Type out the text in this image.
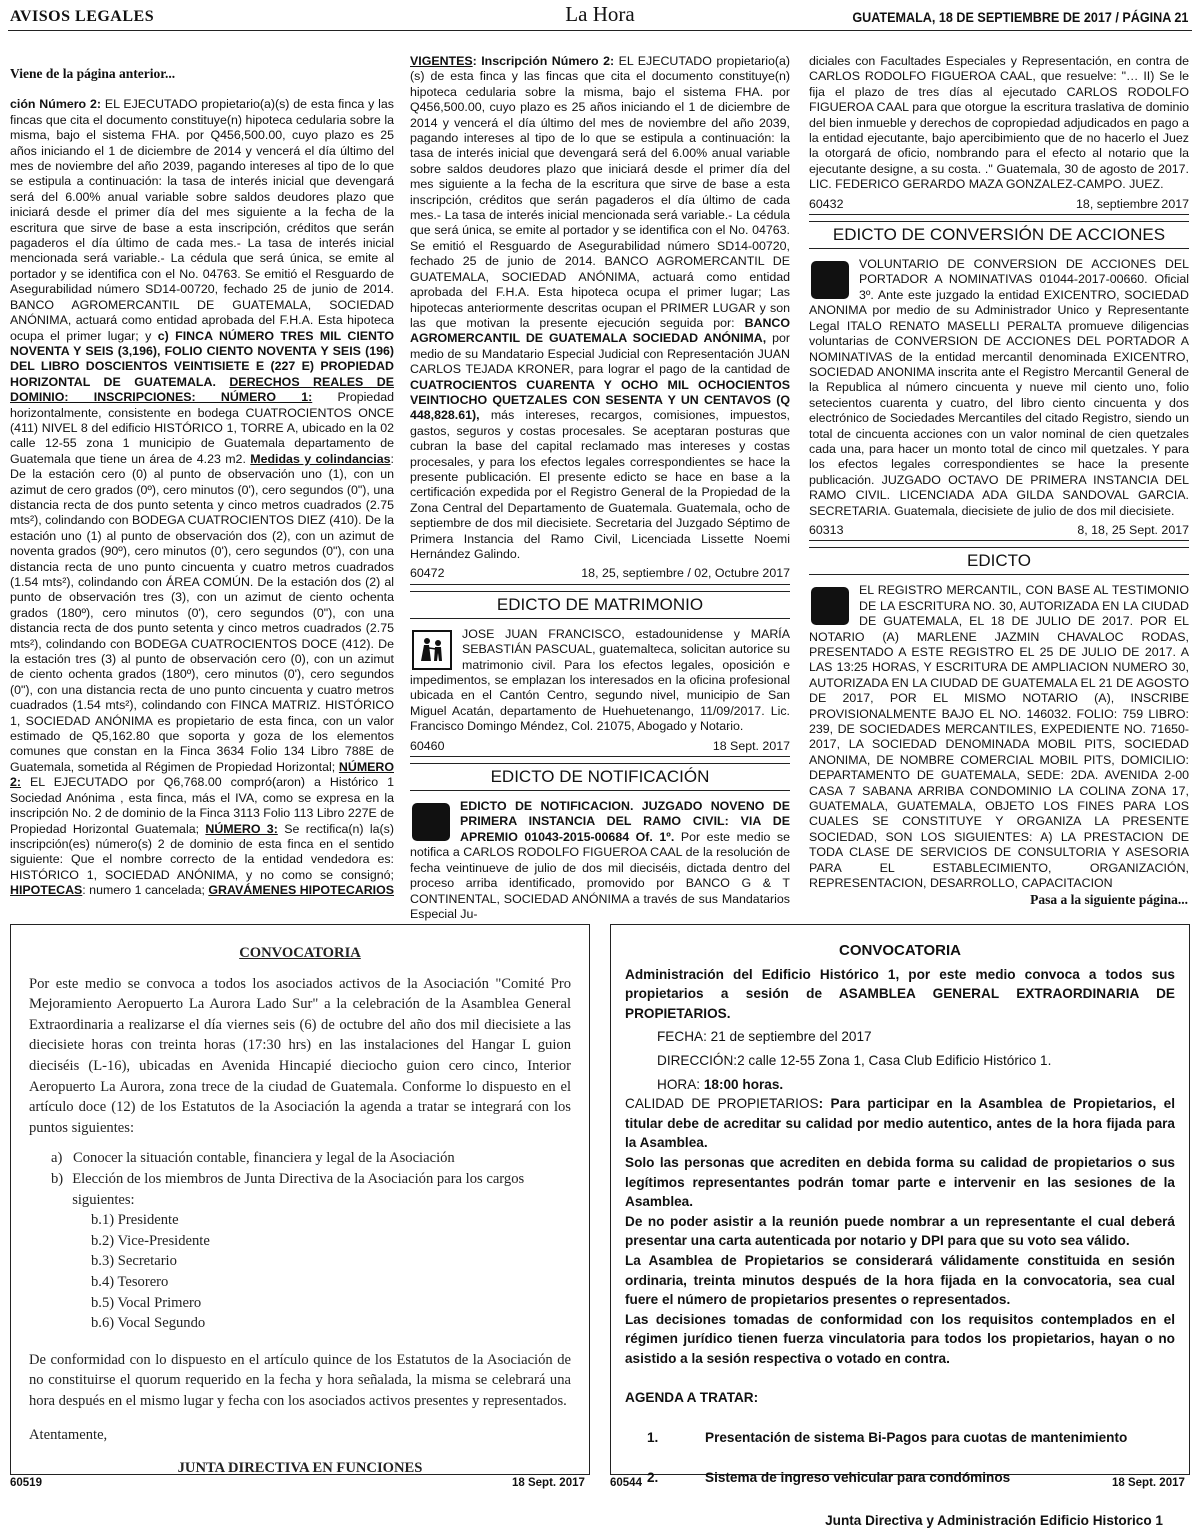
AVISOS LEGALES	La Hora	GUATEMALA, 18 DE SEPTIEMBRE DE 2017 / PÁGINA 21
Viene de la página anterior...

ción Número 2: EL EJECUTADO propietario(a)(s) de esta finca y las fincas que cita el documento constituye(n) hipoteca cedularia sobre la misma, bajo el sistema FHA. por Q456,500.00, cuyo plazo es 25 años iniciando el 1 de diciembre de 2014 y vencerá el día último del mes de noviembre del año 2039, pagando intereses al tipo de lo que se estipula a continuación: la tasa de interés inicial que devengará será del 6.00% anual variable sobre saldos deudores plazo que iniciará desde el primer día del mes siguiente a la fecha de la escritura que sirve de base a esta inscripción, créditos que serán pagaderos el día último de cada mes.- La tasa de interés inicial mencionada será variable.- La cédula que será única, se emite al portador y se identifica con el No. 04763. Se emitió el Resguardo de Asegurabilidad número SD14-00720, fechado 25 de junio de 2014. BANCO AGROMERCANTIL DE GUATEMALA, SOCIEDAD ANÓNIMA, actuará como entidad aprobada del F.H.A. Esta hipoteca ocupa el primer lugar; y c) FINCA NÚMERO TRES MIL CIENTO NOVENTA Y SEIS (3,196), FOLIO CIENTO NOVENTA Y SEIS (196) DEL LIBRO DOSCIENTOS VEINTISIETE E (227 E) PROPIEDAD HORIZONTAL DE GUATEMALA. DERECHOS REALES DE DOMINIO: INSCRIPCIONES: NÚMERO 1: Propiedad horizontalmente, consistente en bodega CUATROCIENTOS ONCE (411) NIVEL 8 del edificio HISTÓRICO 1, TORRE A, ubicado en la 02 calle 12-55 zona 1 municipio de Guatemala departamento de Guatemala que tiene un área de 4.23 m2. Medidas y colindancias: De la estación cero (0) al punto de observación uno (1), con un azimut de cero grados (0º), cero minutos (0'), cero segundos (0"), una distancia recta de dos punto setenta y cinco metros cuadrados (2.75 mts²), colindando con BODEGA CUATROCIENTOS DIEZ (410). De la estación uno (1) al punto de observación dos (2), con un azimut de noventa grados (90º), cero minutos (0'), cero segundos (0"), con una distancia recta de uno punto cincuenta y cuatro metros cuadrados (1.54 mts²), colindando con ÁREA COMÚN. De la estación dos (2) al punto de observación tres (3), con un azimut de ciento ochenta grados (180º), cero minutos (0'), cero segundos (0"), con una distancia recta de dos punto setenta y cinco metros cuadrados (2.75 mts²), colindando con BODEGA CUATROCIENTOS DOCE (412). De la estación tres (3) al punto de observación cero (0), con un azimut de ciento ochenta grados (180º), cero minutos (0'), cero segundos (0"), con una distancia recta de uno punto cincuenta y cuatro metros cuadrados (1.54 mts²), colindando con FINCA MATRIZ. HISTÓRICO 1, SOCIEDAD ANÓNIMA es propietario de esta finca, con un valor estimado de Q5,162.80 que soporta y goza de los elementos comunes que constan en la Finca 3634 Folio 134 Libro 788E de Guatemala, sometida al Régimen de Propiedad Horizontal; NÚMERO 2: EL EJECUTADO por Q6,768.00 compró(aron) a Histórico 1 Sociedad Anónima , esta finca, más el IVA, como se expresa en la inscripción No. 2 de dominio de la Finca 3113 Folio 113 Libro 227E de Propiedad Horizontal Guatemala; NÚMERO 3: Se rectifica(n) la(s) inscripción(es) número(s) 2 de dominio de esta finca en el sentido siguiente: Que el nombre correcto de la entidad vendedora es: HISTÓRICO 1, SOCIEDAD ANÓNIMA, y no como se consignó; HIPOTECAS: numero 1 cancelada; GRAVÁMENES HIPOTECARIOS

VIGENTES: Inscripción Número 2: EL EJECUTADO propietario(a)(s) de esta finca y las fincas que cita el documento constituye(n) hipoteca cedularia sobre la misma, bajo el sistema FHA. por Q456,500.00, cuyo plazo es 25 años iniciando el 1 de diciembre de 2014 y vencerá el día último del mes de noviembre del año 2039, pagando intereses al tipo de lo que se estipula a continuación: la tasa de interés inicial que devengará será del 6.00% anual variable sobre saldos deudores plazo que iniciará desde el primer día del mes siguiente a la fecha de la escritura que sirve de base a esta inscripción, créditos que serán pagaderos el día último de cada mes.- La tasa de interés inicial mencionada será variable.- La cédula que será única, se emite al portador y se identifica con el No. 04763. Se emitió el Resguardo de Asegurabilidad número SD14-00720, fechado 25 de junio de 2014. BANCO AGROMERCANTIL DE GUATEMALA, SOCIEDAD ANÓNIMA, actuará como entidad aprobada del F.H.A. Esta hipoteca ocupa el primer lugar; Las hipotecas anteriormente descritas ocupan el PRIMER LUGAR y son las que motivan la presente ejecución seguida por: BANCO AGROMERCANTIL DE GUATEMALA SOCIEDAD ANÓNIMA, por medio de su Mandatario Especial Judicial con Representación JUAN CARLOS TEJADA KRONER, para lograr el pago de la cantidad de CUATROCIENTOS CUARENTA Y OCHO MIL OCHOCIENTOS VEINTIOCHO QUETZALES CON SESENTA Y UN CENTAVOS (Q 448,828.61), más intereses, recargos, comisiones, impuestos, gastos, seguros y costas procesales. Se aceptaran posturas que cubran la base del capital reclamado mas intereses y costas procesales, y para los efectos legales correspondientes se hace la presente publicación. El presente edicto se hace en base a la certificación expedida por el Registro General de la Propiedad de la Zona Central del Departamento de Guatemala. Guatemala, ocho de septiembre de dos mil diecisiete. Secretaria del Juzgado Séptimo de Primera Instancia del Ramo Civil, Licenciada Lissette Noemi Hernández Galindo.

60472	18, 25, septiembre / 02, Octubre 2017
EDICTO DE MATRIMONIO

JOSE JUAN FRANCISCO, estadounidense y MARÍA SEBASTIÁN PASCUAL, guatemalteca, solicitan autorice su matrimonio civil. Para los efectos legales, oposición e impedimentos, se emplazan los interesados en la oficina profesional ubicada en el Cantón Centro, segundo nivel, municipio de San Miguel Acatán, departamento de Huehuetenango, 11/09/2017. Lic. Francisco Domingo Méndez, Col. 21075, Abogado y Notario.

60460	18 Sept. 2017
EDICTO DE NOTIFICACIÓN

EDICTO DE NOTIFICACION. JUZGADO NOVENO DE PRIMERA INSTANCIA DEL RAMO CIVIL: VIA DE APREMIO 01043-2015-00684 Of. 1º. Por este medio se notifica a CARLOS RODOLFO FIGUEROA CAAL de la resolución de fecha veintinueve de julio de dos mil dieciséis, dictada dentro del proceso arriba identificado, promovido por BANCO G & T CONTINENTAL, SOCIEDAD ANÓNIMA a través de sus Mandatarios Especial Ju-

diciales con Facultades Especiales y Representación, en contra de CARLOS RODOLFO FIGUEROA CAAL, que resuelve: "… II) Se le fija el plazo de tres días al ejecutado CARLOS RODOLFO FIGUEROA CAAL para que otorgue la escritura traslativa de dominio del bien inmueble y derechos de copropiedad adjudicados en pago a la entidad ejecutante, bajo apercibimiento que de no hacerlo el Juez la otorgará de oficio, nombrando para el efecto al notario que la ejecutante designe, a su costa. ." Guatemala, 30 de agosto de 2017. LIC. FEDERICO GERARDO MAZA GONZALEZ-CAMPO. JUEZ.

60432	18, septiembre 2017
EDICTO DE CONVERSIÓN DE ACCIONES

VOLUNTARIO DE CONVERSION DE ACCIONES DEL PORTADOR A NOMINATIVAS 01044-2017-00660. Oficial 3º. Ante este juzgado la entidad EXICENTRO, SOCIEDAD ANONIMA por medio de su Administrador Unico y Representante Legal ITALO RENATO MASELLI PERALTA promueve diligencias voluntarias de CONVERSION DE ACCIONES DEL PORTADOR A NOMINATIVAS de la entidad mercantil denominada EXICENTRO, SOCIEDAD ANONIMA inscrita ante el Registro Mercantil General de la Republica al número cincuenta y nueve mil ciento uno, folio setecientos cuarenta y cuatro, del libro ciento cincuenta y dos electrónico de Sociedades Mercantiles del citado Registro, siendo un total de cincuenta acciones con un valor nominal de cien quetzales cada una, para hacer un monto total de cinco mil quetzales. Y para los efectos legales correspondientes se hace la presente publicación. JUZGADO OCTAVO DE PRIMERA INSTANCIA DEL RAMO CIVIL. LICENCIADA ADA GILDA SANDOVAL GARCIA. SECRETARIA. Guatemala, diecisiete de julio de dos mil diecisiete.

60313	8, 18, 25 Sept. 2017
EDICTO

EL REGISTRO MERCANTIL, CON BASE AL TESTIMONIO DE LA ESCRITURA NO. 30, AUTORIZADA EN LA CIUDAD DE GUATEMALA, EL 18 DE JULIO DE 2017. POR EL NOTARIO (A) MARLENE JAZMIN CHAVALOC RODAS, PRESENTADO A ESTE REGISTRO EL 25 DE JULIO DE 2017. A LAS 13:25 HORAS, Y ESCRITURA DE AMPLIACION NUMERO 30, AUTORIZADA EN LA CIUDAD DE GUATEMALA EL 21 DE AGOSTO DE 2017, POR EL MISMO NOTARIO (A), INSCRIBE PROVISIONALMENTE BAJO EL NO. 146032. FOLIO: 759 LIBRO: 239, DE SOCIEDADES MERCANTILES, EXPEDIENTE NO. 71650-2017, LA SOCIEDAD DENOMINADA MOBIL PITS, SOCIEDAD ANONIMA, DE NOMBRE COMERCIAL MOBIL PITS, DOMICILIO: DEPARTAMENTO DE GUATEMALA, SEDE: 2DA. AVENIDA 2-00 CASA 7 SABANA ARRIBA CONDOMINIO LA COLINA ZONA 17, GUATEMALA, GUATEMALA, OBJETO LOS FINES PARA LOS CUALES SE CONSTITUYE Y ORGANIZA LA PRESENTE SOCIEDAD, SON LOS SIGUIENTES: A) LA PRESTACION DE TODA CLASE DE SERVICIOS DE CONSULTORIA Y ASESORIA PARA EL ESTABLECIMIENTO, ORGANIZACIÓN, REPRESENTACION, DESARROLLO, CAPACITACION

Pasa a la siguiente página...
CONVOCATORIA
Por este medio se convoca a todos los asociados activos de la Asociación "Comité Pro Mejoramiento Aeropuerto La Aurora Lado Sur" a la celebración de la Asamblea General Extraordinaria a realizarse el día viernes seis (6) de octubre del año dos mil diecisiete a las diecisiete horas con treinta horas (17:30 hrs) en las instalaciones del Hangar L guion dieciséis (L-16), ubicadas en Avenida Hincapié dieciocho guion cero cinco, Interior Aeropuerto La Aurora, zona trece de la ciudad de Guatemala. Conforme lo dispuesto en el artículo doce (12) de los Estatutos de la Asociación la agenda a tratar se integrará con los puntos siguientes:
a) Conocer la situación contable, financiera y legal de la Asociación
b) Elección de los miembros de Junta Directiva de la Asociación para los cargos siguientes:
b.1) Presidente
b.2) Vice-Presidente
b.3) Secretario
b.4) Tesorero
b.5) Vocal Primero
b.6) Vocal Segundo
De conformidad con lo dispuesto en el artículo quince de los Estatutos de la Asociación de no constituirse el quorum requerido en la fecha y hora señalada, la misma se celebrará una hora después en el mismo lugar y fecha con los asociados activos presentes y representados.
Atentamente,
JUNTA DIRECTIVA EN FUNCIONES
CONVOCATORIA
Administración del Edificio Histórico 1, por este medio convoca a todos sus propietarios a sesión de ASAMBLEA GENERAL EXTRAORDINARIA DE PROPIETARIOS.
FECHA: 21 de septiembre del 2017
DIRECCIÓN:2 calle 12-55 Zona 1, Casa Club Edificio Histórico 1.
HORA: 18:00 horas.
CALIDAD DE PROPIETARIOS: Para participar en la Asamblea de Propietarios, el titular debe de acreditar su calidad por medio autentico, antes de la hora fijada para la Asamblea.
Solo las personas que acrediten en debida forma su calidad de propietarios o sus legítimos representantes podrán tomar parte e intervenir en las sesiones de la Asamblea.
De no poder asistir a la reunión puede nombrar a un representante el cual deberá presentar una carta autenticada por notario y DPI para que su voto sea válido.
La Asamblea de Propietarios se considerará válidamente constituida en sesión ordinaria, treinta minutos después de la hora fijada en la convocatoria, sea cual fuere el número de propietarios presentes o representados.
Las decisiones tomadas de conformidad con los requisitos contemplados en el régimen jurídico tienen fuerza vinculatoria para todos los propietarios, hayan o no asistido a la sesión respectiva o votado en contra.
AGENDA A TRATAR:
1.	Presentación de sistema Bi-Pagos para cuotas de mantenimiento
2.	Sistema de ingreso vehicular para condóminos
Junta Directiva y Administración Edificio Historico 1
60519	18 Sept. 2017 60544	18 Sept. 2017
